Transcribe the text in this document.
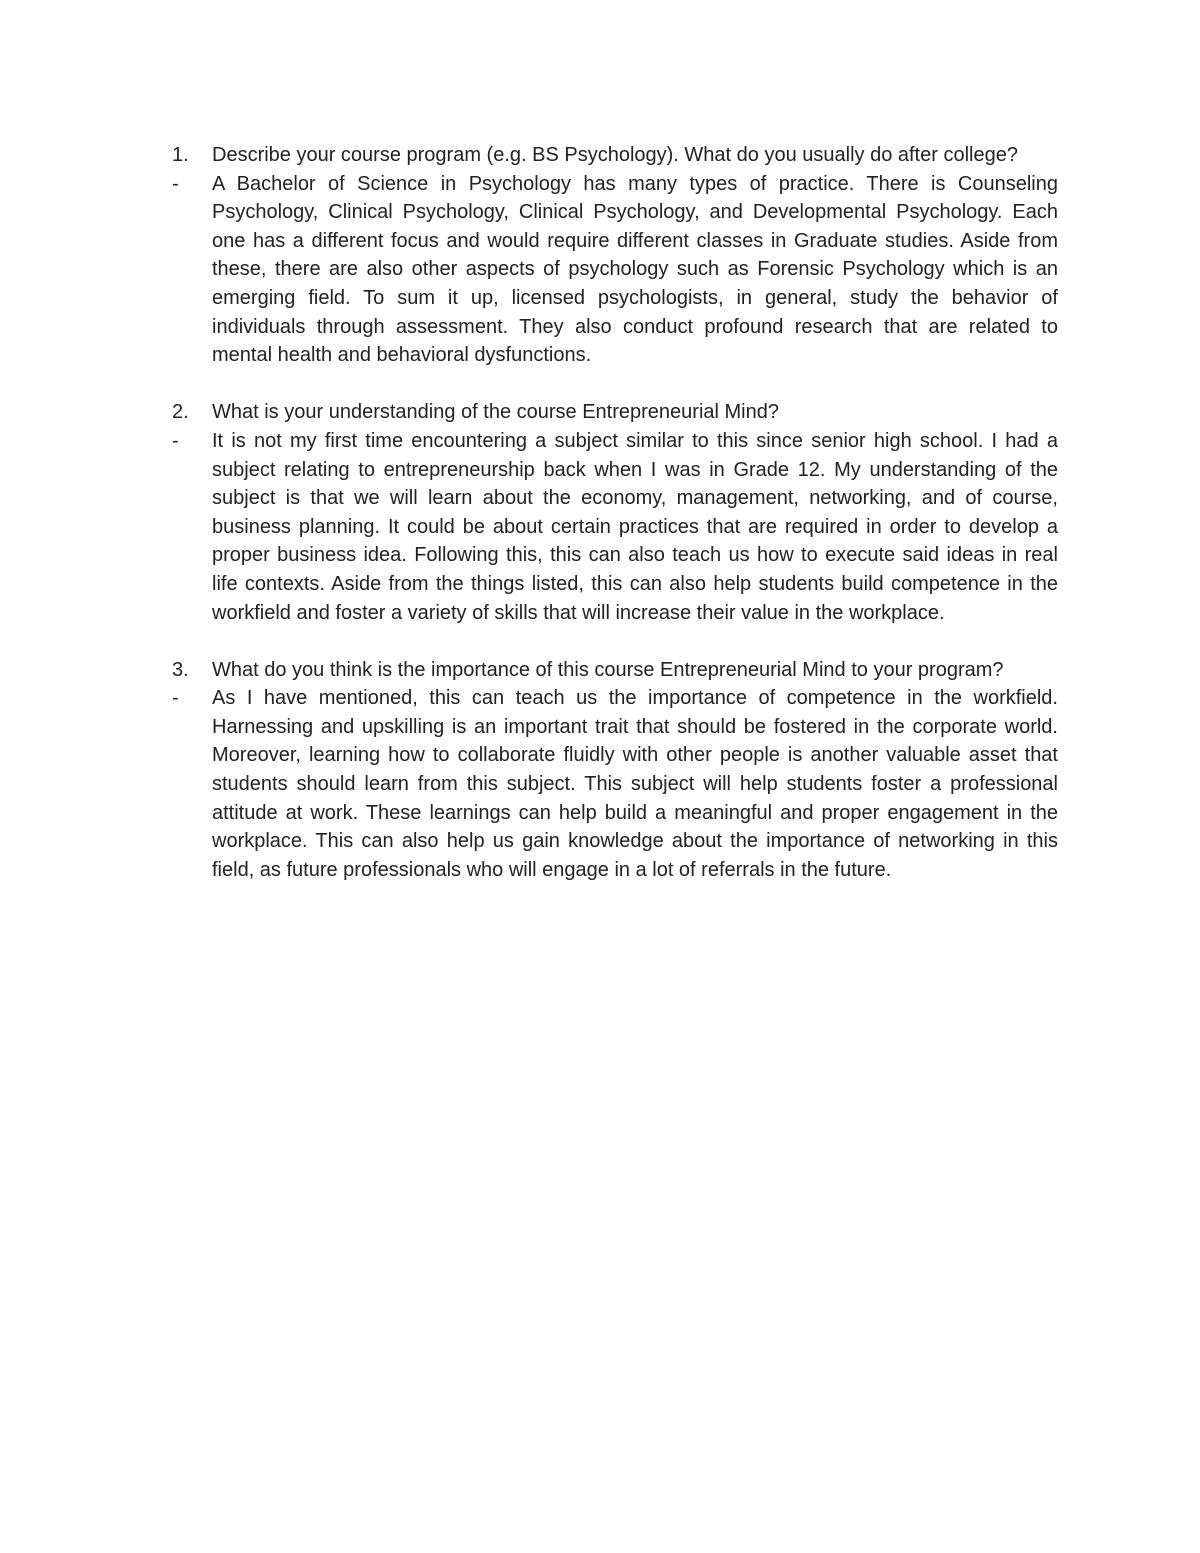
1.	Describe your course program (e.g. BS Psychology). What do you usually do after college?
-	A Bachelor of Science in Psychology has many types of practice. There is Counseling Psychology, Clinical Psychology, Clinical Psychology, and Developmental Psychology. Each one has a different focus and would require different classes in Graduate studies. Aside from these, there are also other aspects of psychology such as Forensic Psychology which is an emerging field. To sum it up, licensed psychologists, in general, study the behavior of individuals through assessment. They also conduct profound research that are related to mental health and behavioral dysfunctions.
2.	What is your understanding of the course Entrepreneurial Mind?
-	It is not my first time encountering a subject similar to this since senior high school. I had a subject relating to entrepreneurship back when I was in Grade 12. My understanding of the subject is that we will learn about the economy, management, networking, and of course, business planning. It could be about certain practices that are required in order to develop a proper business idea. Following this, this can also teach us how to execute said ideas in real life contexts. Aside from the things listed, this can also help students build competence in the workfield and foster a variety of skills that will increase their value in the workplace.
3.	What do you think is the importance of this course Entrepreneurial Mind to your program?
-	As I have mentioned, this can teach us the importance of competence in the workfield. Harnessing and upskilling is an important trait that should be fostered in the corporate world. Moreover, learning how to collaborate fluidly with other people is another valuable asset that students should learn from this subject. This subject will help students foster a professional attitude at work. These learnings can help build a meaningful and proper engagement in the workplace. This can also help us gain knowledge about the importance of networking in this field, as future professionals who will engage in a lot of referrals in the future.
